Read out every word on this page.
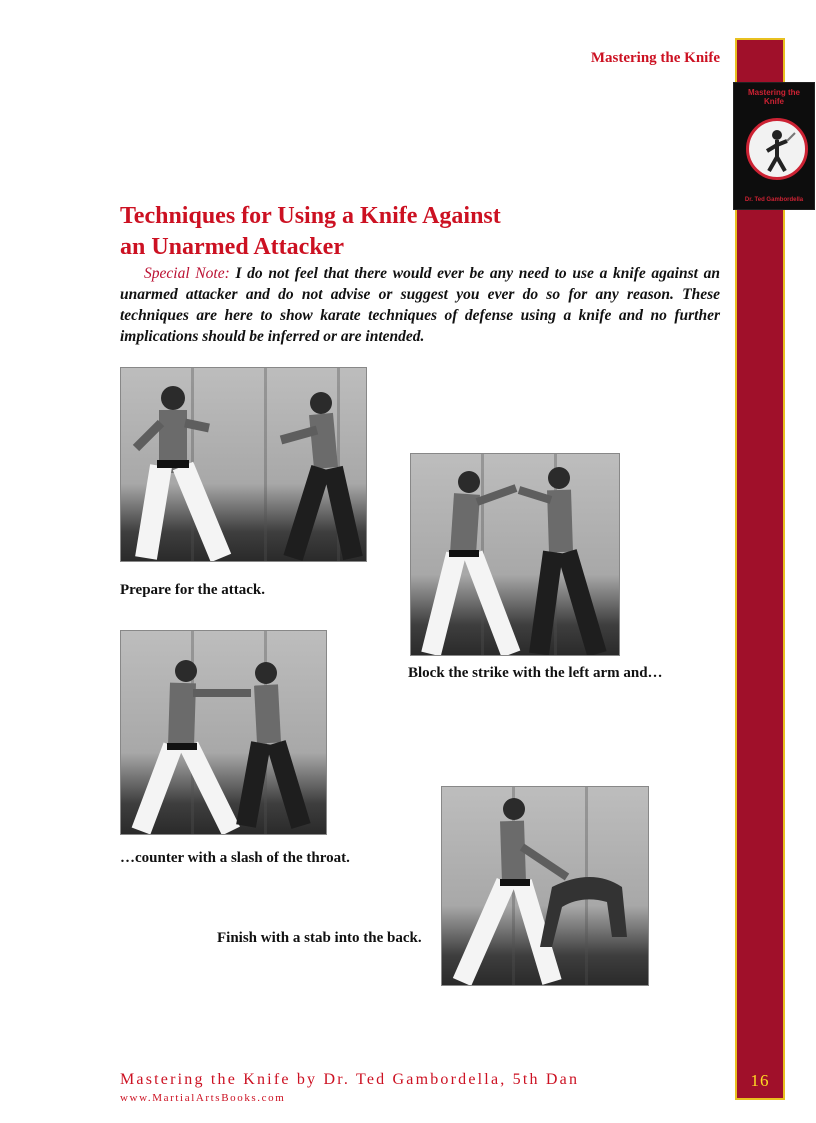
Mastering the Knife
16
Mastering the Knife
Dr. Ted Gambordella
Techniques for Using a Knife Against
an Unarmed Attacker
Special Note: I do not feel that there would ever be any need to use a knife against an unarmed attacker and do not advise or suggest you ever do so for any reason. These techniques are here to show karate techniques of defense using a knife and no further implications should be inferred or are intended.
Prepare for the attack.
Block the strike with the left arm and…
…counter with a slash of the throat.
Finish with a stab into the back.
Mastering the Knife by Dr. Ted Gambordella, 5th Dan
www.MartialArtsBooks.com
